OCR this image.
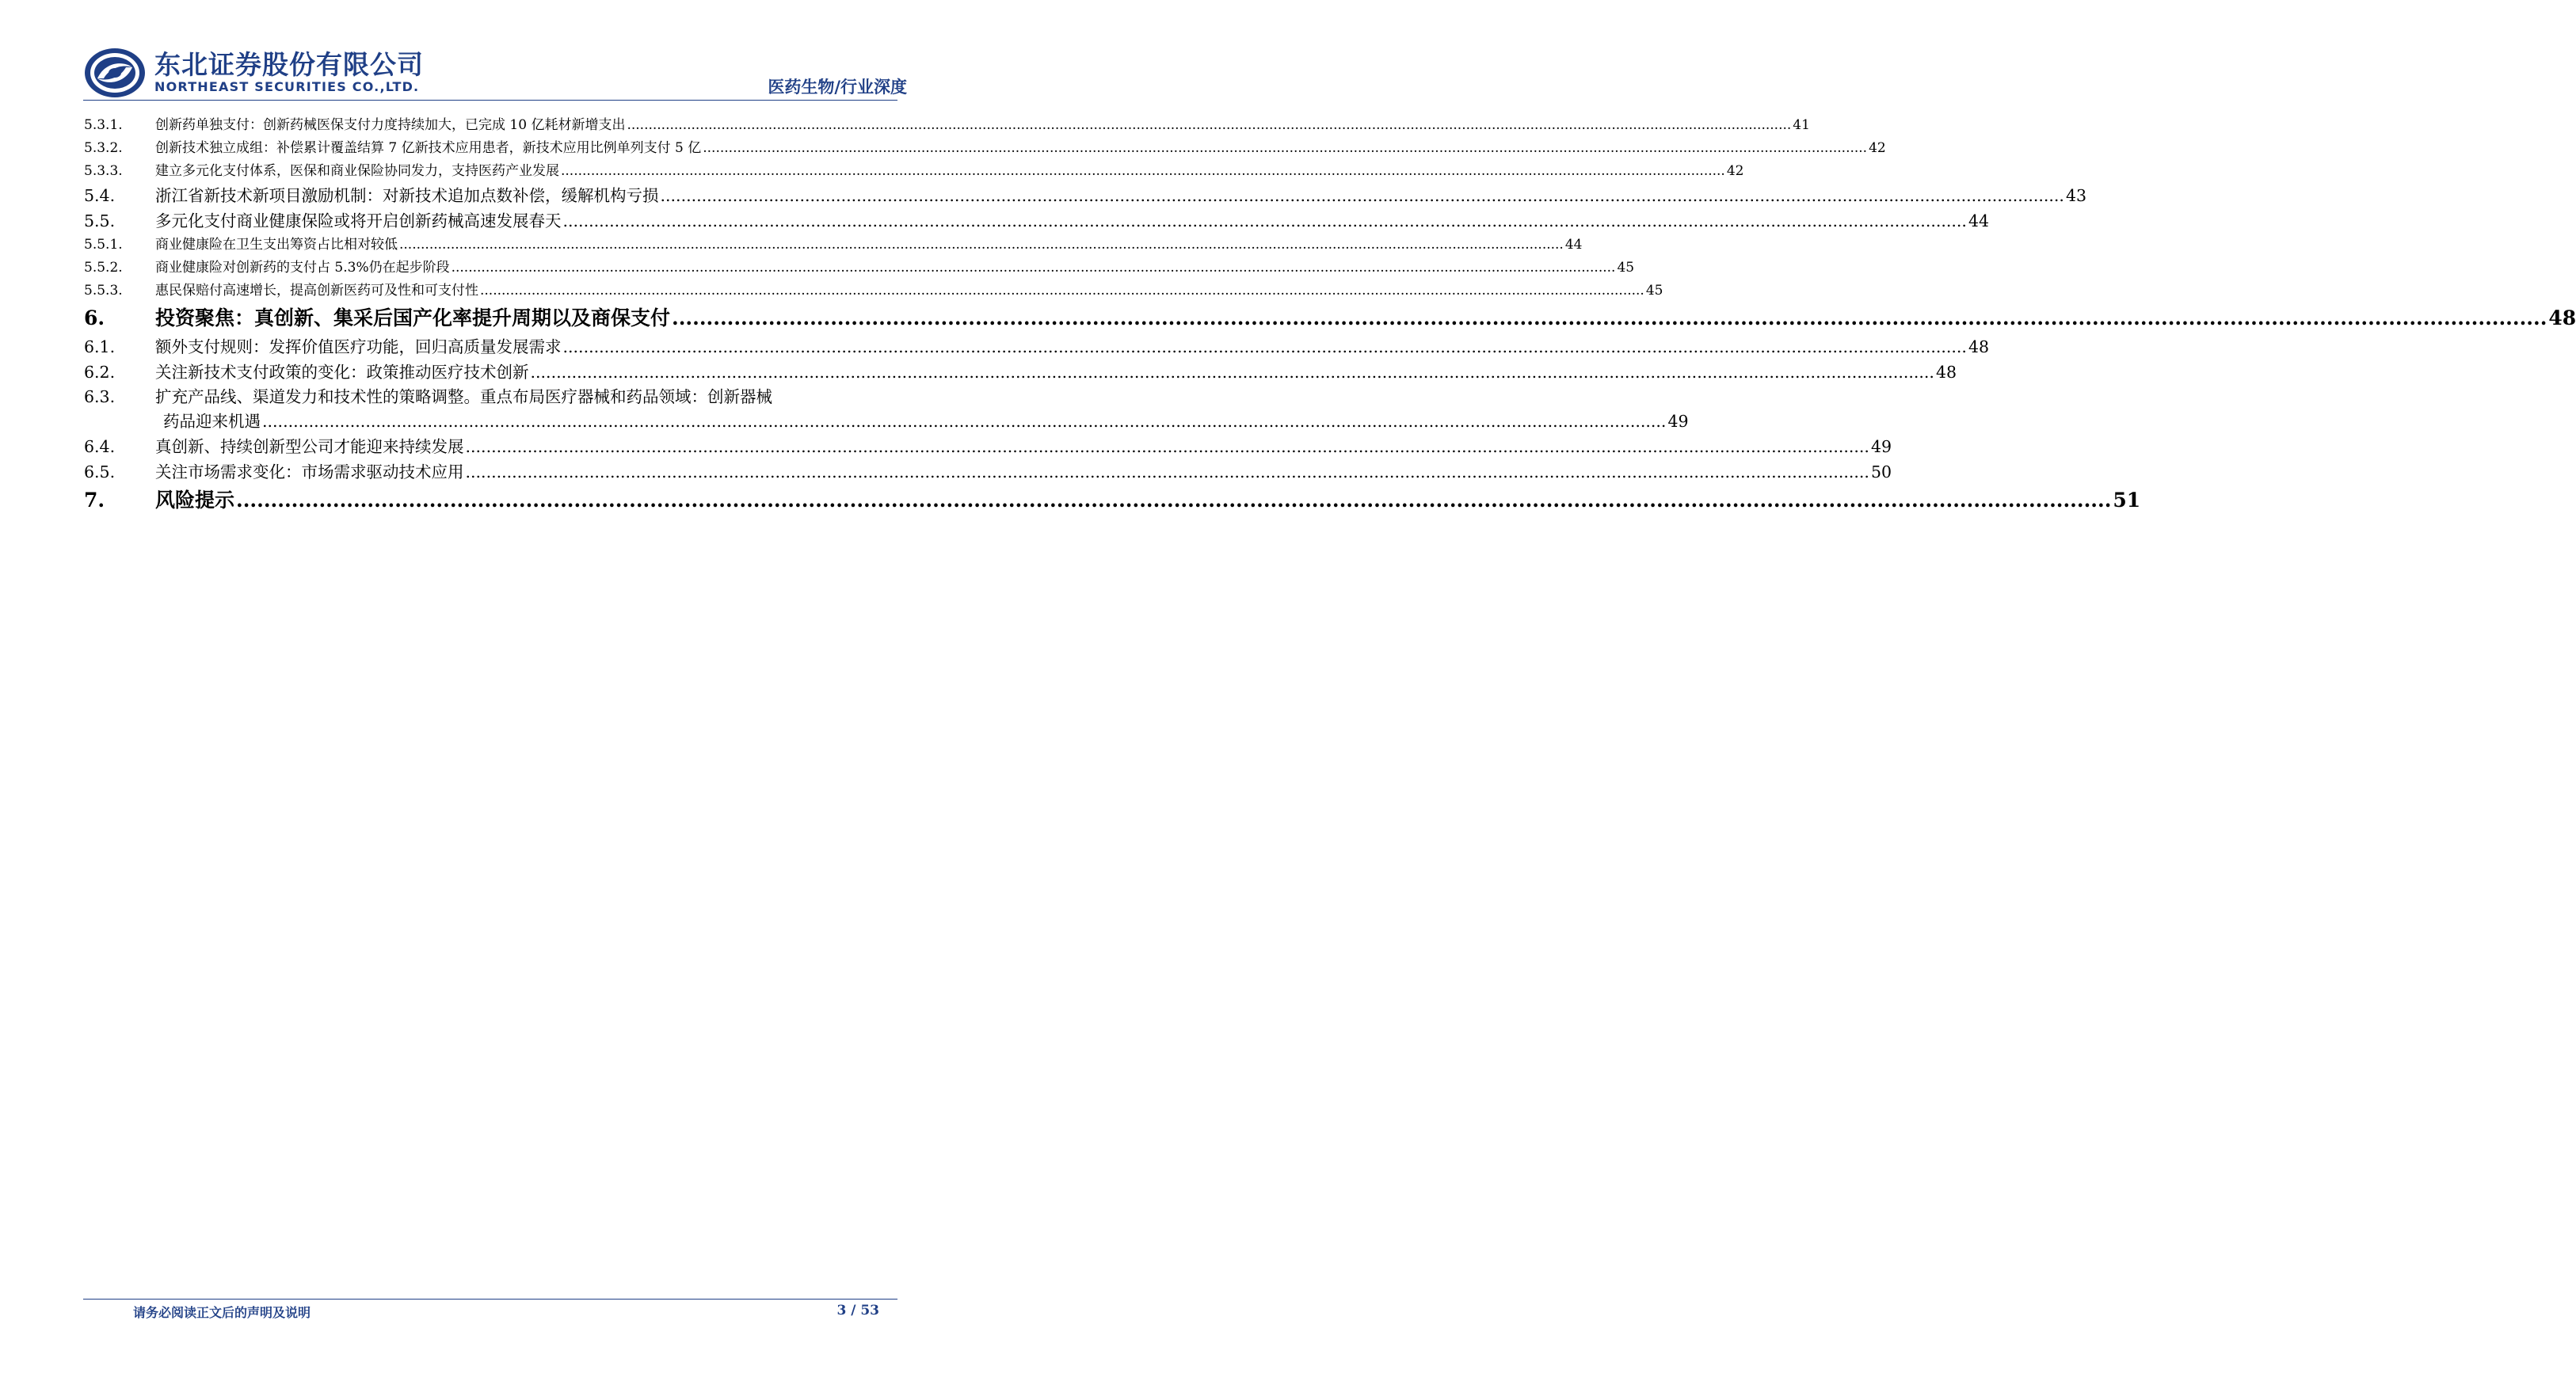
东北证券股份有限公司
NORTHEAST SECURITIES CO.,LTD.	医药生物/行业深度
5.3.1.	创新药单独支付：创新药械医保支付力度持续加大，已完成 10 亿耗材新增支出 .....	41
5.3.2.	创新技术独立成组：补偿累计覆盖结算 7 亿新技术应用患者，新技术应用比例单列支付 5 亿 .....	42
5.3.3.	建立多元化支付体系，医保和商业保险协同发力，支持医药产业发展 .....	42
5.4.	浙江省新技术新项目激励机制：对新技术追加点数补偿，缓解机构亏损 .....	43
5.5.	多元化支付商业健康保险或将开启创新药械高速发展春天 .....	44
5.5.1.	商业健康险在卫生支出筹资占比相对较低 .....	44
5.5.2.	商业健康险对创新药的支付占 5.3%仍在起步阶段 .....	45
5.5.3.	惠民保赔付高速增长，提高创新医药可及性和可支付性 .....	45
6.	投资聚焦：真创新、集采后国产化率提升周期以及商保支付 .....	48
6.1.	额外支付规则：发挥价值医疗功能，回归高质量发展需求 .....	48
6.2.	关注新技术支付政策的变化：政策推动医疗技术创新 .....	48
6.3.	扩充产品线、渠道发力和技术性的策略调整。重点布局医疗器械和药品领域：创新器械
药品迎来机遇 .....	49
6.4.	真创新、持续创新型公司才能迎来持续发展 .....	49
6.5.	关注市场需求变化：市场需求驱动技术应用 .....	50
7.	风险提示 .....	51
请务必阅读正文后的声明及说明	3 / 53
